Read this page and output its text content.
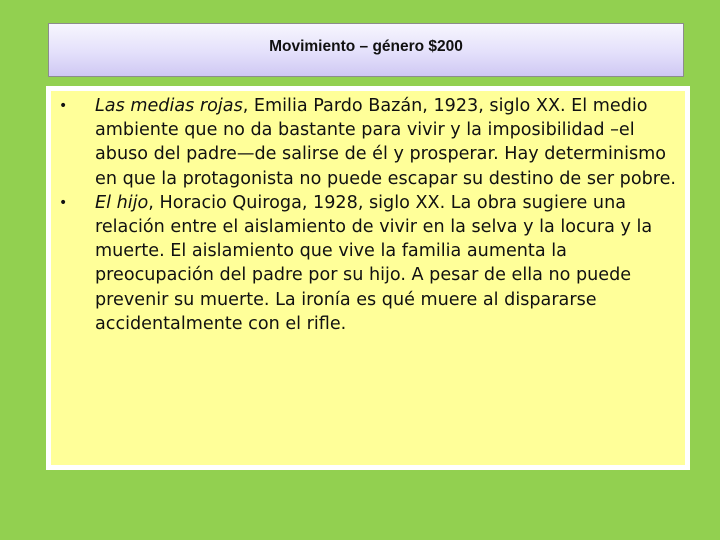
Movimiento – género $200
•	Las medias rojas, Emilia Pardo Bazán, 1923, siglo XX. El medio ambiente que no da bastante para vivir y la imposibilidad –el abuso del padre—de salirse de él y prosperar. Hay determinismo en que la protagonista no puede escapar su destino de ser pobre.
•	El hijo, Horacio Quiroga, 1928, siglo XX. La obra sugiere una relación entre el aislamiento de vivir en la selva y la locura y la muerte. El aislamiento que vive la familia aumenta la preocupación del padre por su hijo. A pesar de ella no puede prevenir su muerte. La ironía es qué muere al dispararse accidentalmente con el rifle.
